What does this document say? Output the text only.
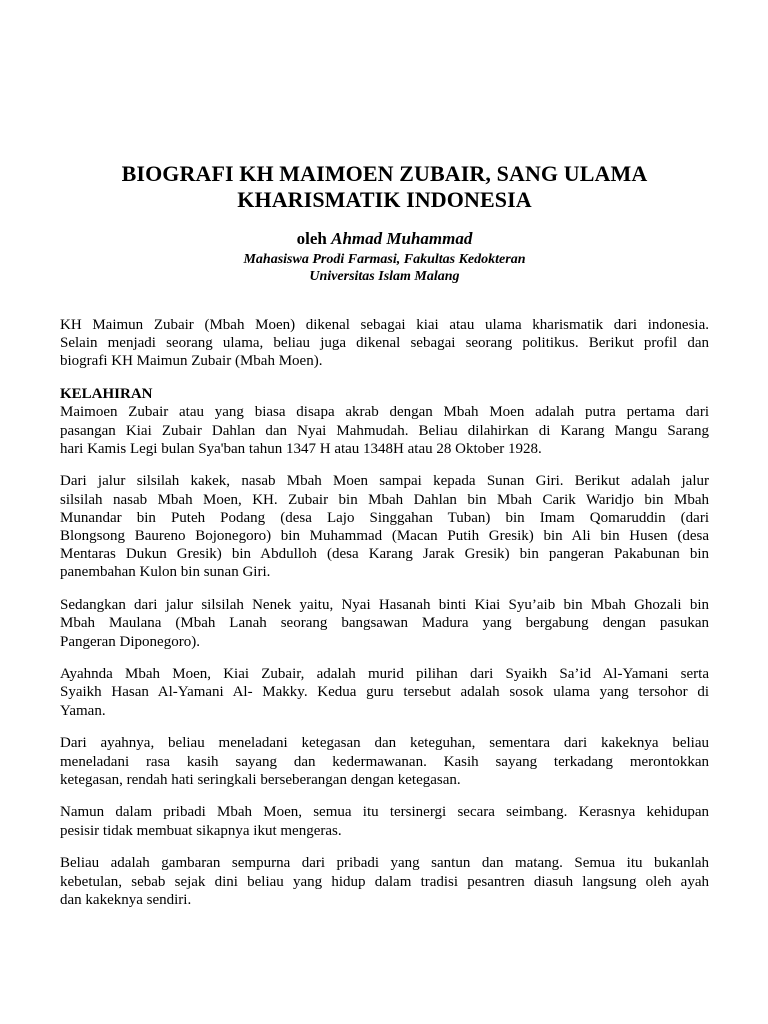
BIOGRAFI KH MAIMOEN ZUBAIR, SANG ULAMA
KHARISMATIK INDONESIA
oleh Ahmad Muhammad
Mahasiswa Prodi Farmasi, Fakultas Kedokteran
Universitas Islam Malang

KH Maimun Zubair (Mbah Moen) dikenal sebagai kiai atau ulama kharismatik dari indonesia.
Selain menjadi seorang ulama, beliau juga dikenal sebagai seorang politikus. Berikut profil dan
biografi KH Maimun Zubair (Mbah Moen).

KELAHIRAN

Maimoen Zubair atau yang biasa disapa akrab dengan Mbah Moen adalah putra pertama dari
pasangan Kiai Zubair Dahlan dan Nyai Mahmudah. Beliau dilahirkan di Karang Mangu Sarang
hari Kamis Legi bulan Sya'ban tahun 1347 H atau 1348H atau 28 Oktober 1928.

Dari jalur silsilah kakek, nasab Mbah Moen sampai kepada Sunan Giri. Berikut adalah jalur
silsilah nasab Mbah Moen, KH. Zubair bin Mbah Dahlan bin Mbah Carik Waridjo bin Mbah
Munandar bin Puteh Podang (desa Lajo Singgahan Tuban) bin Imam Qomaruddin (dari
Blongsong Baureno Bojonegoro) bin Muhammad (Macan Putih Gresik) bin Ali bin Husen (desa
Mentaras Dukun Gresik) bin Abdulloh (desa Karang Jarak Gresik) bin pangeran Pakabunan bin
panembahan Kulon bin sunan Giri.

Sedangkan dari jalur silsilah Nenek yaitu, Nyai Hasanah binti Kiai Syu’aib bin Mbah Ghozali bin
Mbah Maulana (Mbah Lanah seorang bangsawan Madura yang bergabung dengan pasukan
Pangeran Diponegoro).

Ayahnda Mbah Moen, Kiai Zubair, adalah murid pilihan dari Syaikh Sa’id Al-Yamani serta
Syaikh Hasan Al-Yamani Al- Makky. Kedua guru tersebut adalah sosok ulama yang tersohor di
Yaman.

Dari ayahnya, beliau meneladani ketegasan dan keteguhan, sementara dari kakeknya beliau
meneladani rasa kasih sayang dan kedermawanan. Kasih sayang terkadang merontokkan
ketegasan, rendah hati seringkali berseberangan dengan ketegasan.

Namun dalam pribadi Mbah Moen, semua itu tersinergi secara seimbang. Kerasnya kehidupan
pesisir tidak membuat sikapnya ikut mengeras.

Beliau adalah gambaran sempurna dari pribadi yang santun dan matang. Semua itu bukanlah
kebetulan, sebab sejak dini beliau yang hidup dalam tradisi pesantren diasuh langsung oleh ayah
dan kakeknya sendiri.
